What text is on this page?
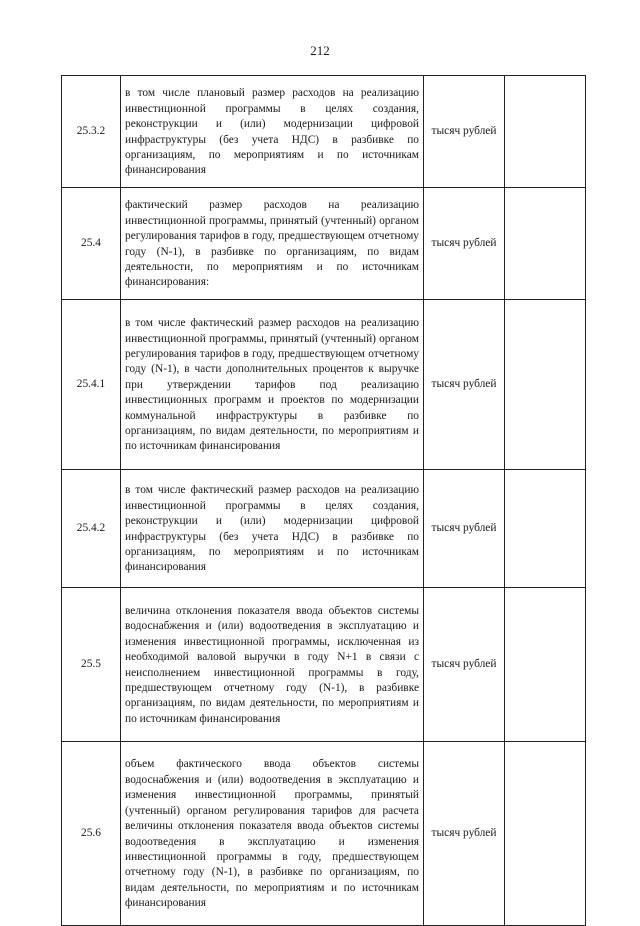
212
25.3.2	в том числе плановый размер расходов на реализацию инвестиционной программы в целях создания, реконструкции и (или) модернизации цифровой инфраструктуры (без учета НДС) в разбивке по организациям, по мероприятиям и по источникам финансирования	тысяч рублей	
25.4	фактический размер расходов на реализацию инвестиционной программы, принятый (учтенный) органом регулирования тарифов в году, предшествующем отчетному году (N-1), в разбивке по организациям, по видам деятельности, по мероприятиям и по источникам финансирования:	тысяч рублей	
25.4.1	в том числе фактический размер расходов на реализацию инвестиционной программы, принятый (учтенный) органом регулирования тарифов в году, предшествующем отчетному году (N-1), в части дополнительных процентов к выручке при утверждении тарифов под реализацию инвестиционных программ и проектов по модернизации коммунальной инфраструктуры в разбивке по организациям, по видам деятельности, по мероприятиям и по источникам финансирования	тысяч рублей	
25.4.2	в том числе фактический размер расходов на реализацию инвестиционной программы в целях создания, реконструкции и (или) модернизации цифровой инфраструктуры (без учета НДС) в разбивке по организациям, по мероприятиям и по источникам финансирования	тысяч рублей	
25.5	величина отклонения показателя ввода объектов системы водоснабжения и (или) водоотведения в эксплуатацию и изменения инвестиционной программы, исключенная из необходимой валовой выручки в году N+1 в связи с неисполнением инвестиционной программы в году, предшествующем отчетному году (N-1), в разбивке организациям, по видам деятельности, по мероприятиям и по источникам финансирования	тысяч рублей	
25.6	объем фактического ввода объектов системы водоснабжения и (или) водоотведения в эксплуатацию и изменения инвестиционной программы, принятый (учтенный) органом регулирования тарифов для расчета величины отклонения показателя ввода объектов системы водоотведения в эксплуатацию и изменения инвестиционной программы в году, предшествующем отчетному году (N-1), в разбивке по организациям, по видам деятельности, по мероприятиям и по источникам финансирования	тысяч рублей	
